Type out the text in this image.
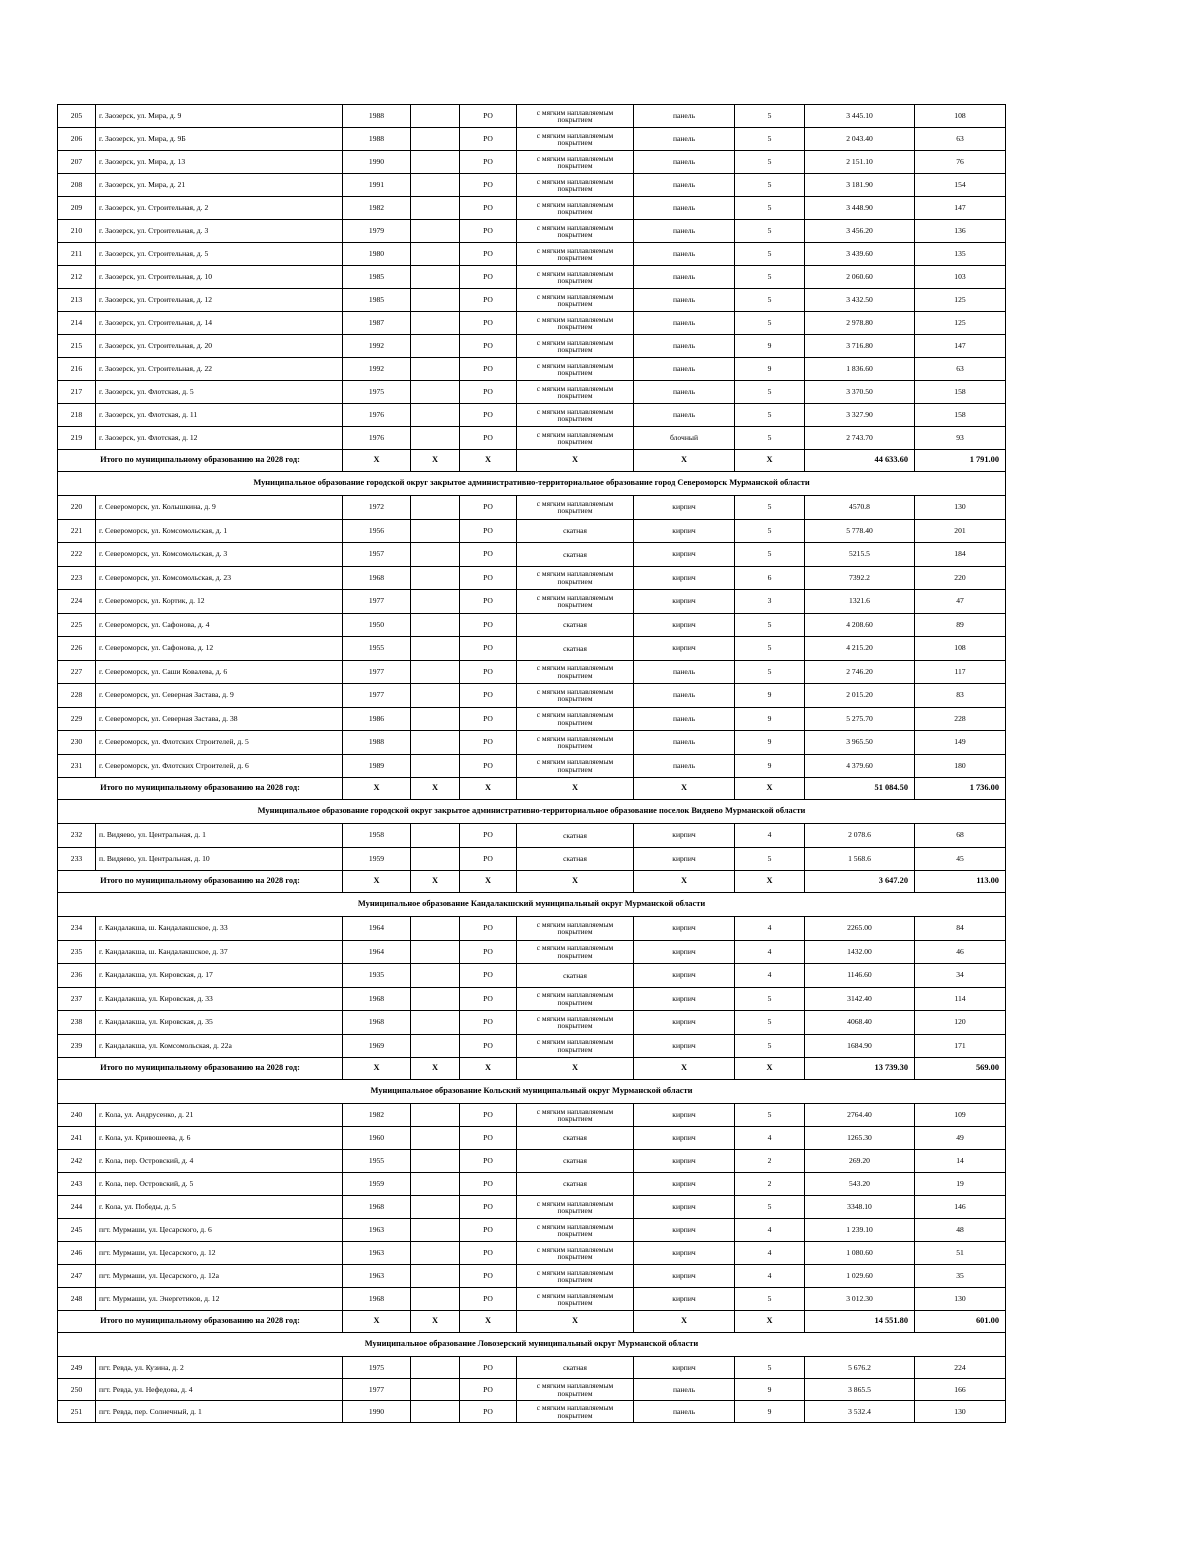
205	г. Заозерск, ул. Мира, д. 9	1988		РО	с мягким наплавляемым покрытием	панель	5	3 445.10	108
206	г. Заозерск, ул. Мира, д. 9Б	1988		РО	с мягким наплавляемым покрытием	панель	5	2 043.40	63
207	г. Заозерск, ул. Мира, д. 13	1990		РО	с мягким наплавляемым покрытием	панель	5	2 151.10	76
208	г. Заозерск, ул. Мира, д. 21	1991		РО	с мягким наплавляемым покрытием	панель	5	3 181.90	154
209	г. Заозерск, ул. Строительная, д. 2	1982		РО	с мягким наплавляемым покрытием	панель	5	3 448.90	147
210	г. Заозерск, ул. Строительная, д. 3	1979		РО	с мягким наплавляемым покрытием	панель	5	3 456.20	136
211	г. Заозерск, ул. Строительная, д. 5	1980		РО	с мягким наплавляемым покрытием	панель	5	3 439.60	135
212	г. Заозерск, ул. Строительная, д. 10	1985		РО	с мягким наплавляемым покрытием	панель	5	2 060.60	103
213	г. Заозерск, ул. Строительная, д. 12	1985		РО	с мягким наплавляемым покрытием	панель	5	3 432.50	125
214	г. Заозерск, ул. Строительная, д. 14	1987		РО	с мягким наплавляемым покрытием	панель	5	2 978.80	125
215	г. Заозерск, ул. Строительная, д. 20	1992		РО	с мягким наплавляемым покрытием	панель	9	3 716.80	147
216	г. Заозерск, ул. Строительная, д. 22	1992		РО	с мягким наплавляемым покрытием	панель	9	1 836.60	63
217	г. Заозерск, ул. Флотская, д. 5	1975		РО	с мягким наплавляемым покрытием	панель	5	3 370.50	158
218	г. Заозерск, ул. Флотская, д. 11	1976		РО	с мягким наплавляемым покрытием	панель	5	3 327.90	158
219	г. Заозерск, ул. Флотская, д. 12	1976		РО	с мягким наплавляемым покрытием	блочный	5	2 743.70	93
Итого по муниципальному образованию на 2028 год:		X	X	X	X	X	X	44 633.60	1 791.00
Муниципальное образование городской округ закрытое административно-территориальное образование город Североморск Мурманской области									
220	г. Североморск, ул. Колышкина, д. 9	1972		РО	с мягким наплавляемым покрытием	кирпич	5	4570.8	130
221	г. Североморск, ул. Комсомольская, д. 1	1956		РО	скатная	кирпич	5	5 778.40	201
222	г. Североморск, ул. Комсомольская, д. 3	1957		РО	скатная	кирпич	5	5215.5	184
223	г. Североморск, ул. Комсомольская, д. 23	1968		РО	с мягким наплавляемым покрытием	кирпич	6	7392.2	220
224	г. Североморск, ул. Кортик, д. 12	1977		РО	с мягким наплавляемым покрытием	кирпич	3	1321.6	47
225	г. Североморск, ул. Сафонова, д. 4	1950		РО	скатная	кирпич	5	4 208.60	89
226	г. Североморск, ул. Сафонова, д. 12	1955		РО	скатная	кирпич	5	4 215.20	108
227	г. Североморск, ул. Саши Ковалева, д. 6	1977		РО	с мягким наплавляемым покрытием	панель	5	2 746.20	117
228	г. Североморск, ул. Северная Застава, д. 9	1977		РО	с мягким наплавляемым покрытием	панель	9	2 015.20	83
229	г. Североморск, ул. Северная Застава, д. 38	1986		РО	с мягким наплавляемым покрытием	панель	9	5 275.70	228
230	г. Североморск, ул. Флотских Строителей, д. 5	1988		РО	с мягким наплавляемым покрытием	панель	9	3 965.50	149
231	г. Североморск, ул. Флотских Строителей, д. 6	1989		РО	с мягким наплавляемым покрытием	панель	9	4 379.60	180
Итого по муниципальному образованию на 2028 год:		X	X	X	X	X	X	51 084.50	1 736.00
Муниципальное образование городской округ закрытое административно-территориальное образование поселок Видяево Мурманской области									
232	п. Видяево, ул. Центральная, д. 1	1958		РО	скатная	кирпич	4	2 078.6	68
233	п. Видяево, ул. Центральная, д. 10	1959		РО	скатная	кирпич	5	1 568.6	45
Итого по муниципальному образованию на 2028 год:		X	X	X	X	X	X	3 647.20	113.00
Муниципальное образование Кандалакшский муниципальный округ Мурманской области									
234	г. Кандалакша, ш. Кандалакшское, д. 33	1964		РО	с мягким наплавляемым покрытием	кирпич	4	2265.00	84
235	г. Кандалакша, ш. Кандалакшское, д. 37	1964		РО	с мягким наплавляемым покрытием	кирпич	4	1432.00	46
236	г. Кандалакша, ул. Кировская, д. 17	1935		РО	скатная	кирпич	4	1146.60	34
237	г. Кандалакша, ул. Кировская, д. 33	1968		РО	с мягким наплавляемым покрытием	кирпич	5	3142.40	114
238	г. Кандалакша, ул. Кировская, д. 35	1968		РО	с мягким наплавляемым покрытием	кирпич	5	4068.40	120
239	г. Кандалакша, ул. Комсомольская, д. 22а	1969		РО	с мягким наплавляемым покрытием	кирпич	5	1684.90	171
Итого по муниципальному образованию на 2028 год:		X	X	X	X	X	X	13 739.30	569.00
Муниципальное образование Кольский муниципальный округ Мурманской области									
240	г. Кола, ул. Андрусенко, д. 21	1982		РО	с мягким наплавляемым покрытием	кирпич	5	2764.40	109
241	г. Кола, ул. Кривошеева, д. 6	1960		РО	скатная	кирпич	4	1265.30	49
242	г. Кола, пер. Островский, д. 4	1955		РО	скатная	кирпич	2	269.20	14
243	г. Кола, пер. Островский, д. 5	1959		РО	скатная	кирпич	2	543.20	19
244	г. Кола, ул. Победы, д. 5	1968		РО	с мягким наплавляемым покрытием	кирпич	5	3348.10	146
245	пгт. Мурмаши, ул. Цесарского, д. 6	1963		РО	с мягким наплавляемым покрытием	кирпич	4	1 239.10	48
246	пгт. Мурмаши, ул. Цесарского, д. 12	1963		РО	с мягким наплавляемым покрытием	кирпич	4	1 080.60	51
247	пгт. Мурмаши, ул. Цесарского, д. 12а	1963		РО	с мягким наплавляемым покрытием	кирпич	4	1 029.60	35
248	пгт. Мурмаши, ул. Энергетиков, д. 12	1968		РО	с мягким наплавляемым покрытием	кирпич	5	3 012.30	130
Итого по муниципальному образованию на 2028 год:		X	X	X	X	X	X	14 551.80	601.00
Муниципальное образование Ловозерский муниципальный округ Мурманской области									
249	пгт. Ревда, ул. Кузина, д. 2	1975		РО	скатная	кирпич	5	5 676.2	224
250	пгт. Ревда, ул. Нефедова, д. 4	1977		РО	с мягким наплавляемым покрытием	панель	9	3 865.5	166
251	пгт. Ревда, пер. Солнечный, д. 1	1990		РО	с мягким наплавляемым покрытием	панель	9	3 532.4	130
